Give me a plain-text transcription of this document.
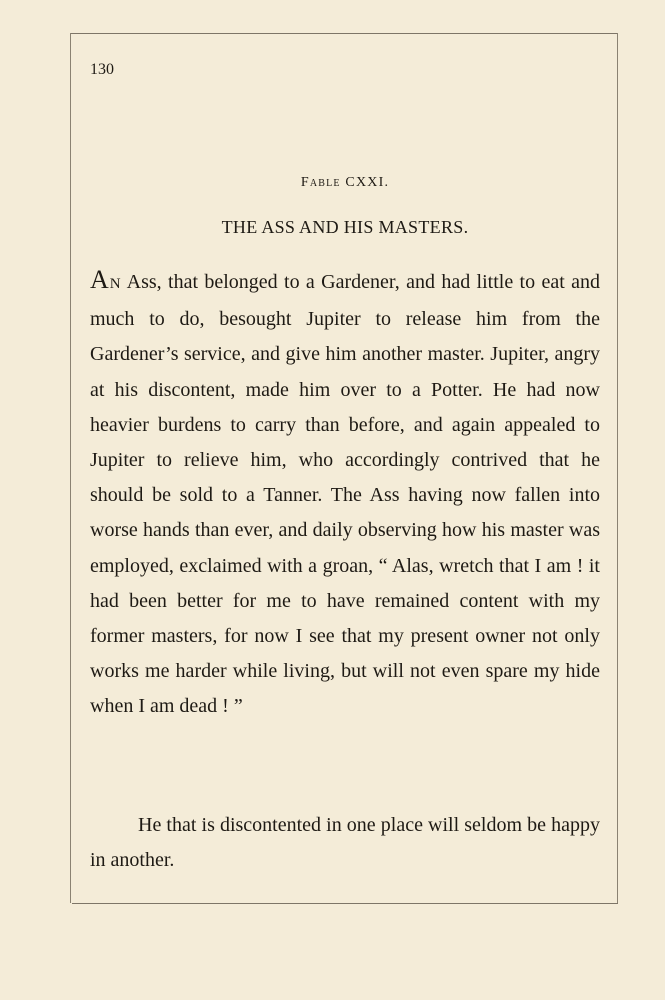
130
Fable CXXI.
THE ASS AND HIS MASTERS.

AN Ass, that belonged to a Gardener, and had little to eat and much to do, besought Jupiter to release him from the Gardener’s service, and give him another master. Jupiter, angry at his discontent, made him over to a Potter. He had now heavier burdens to carry than before, and again appealed to Jupiter to relieve him, who accordingly contrived that he should be sold to a Tanner. The Ass having now fallen into worse hands than ever, and daily observing how his master was employed, exclaimed with a groan, “ Alas, wretch that I am ! it had been better for me to have remained content with my former masters, for now I see that my present owner not only works me harder while living, but will not even spare my hide when I am dead ! ”

He that is discontented in one place will seldom be happy in another.
